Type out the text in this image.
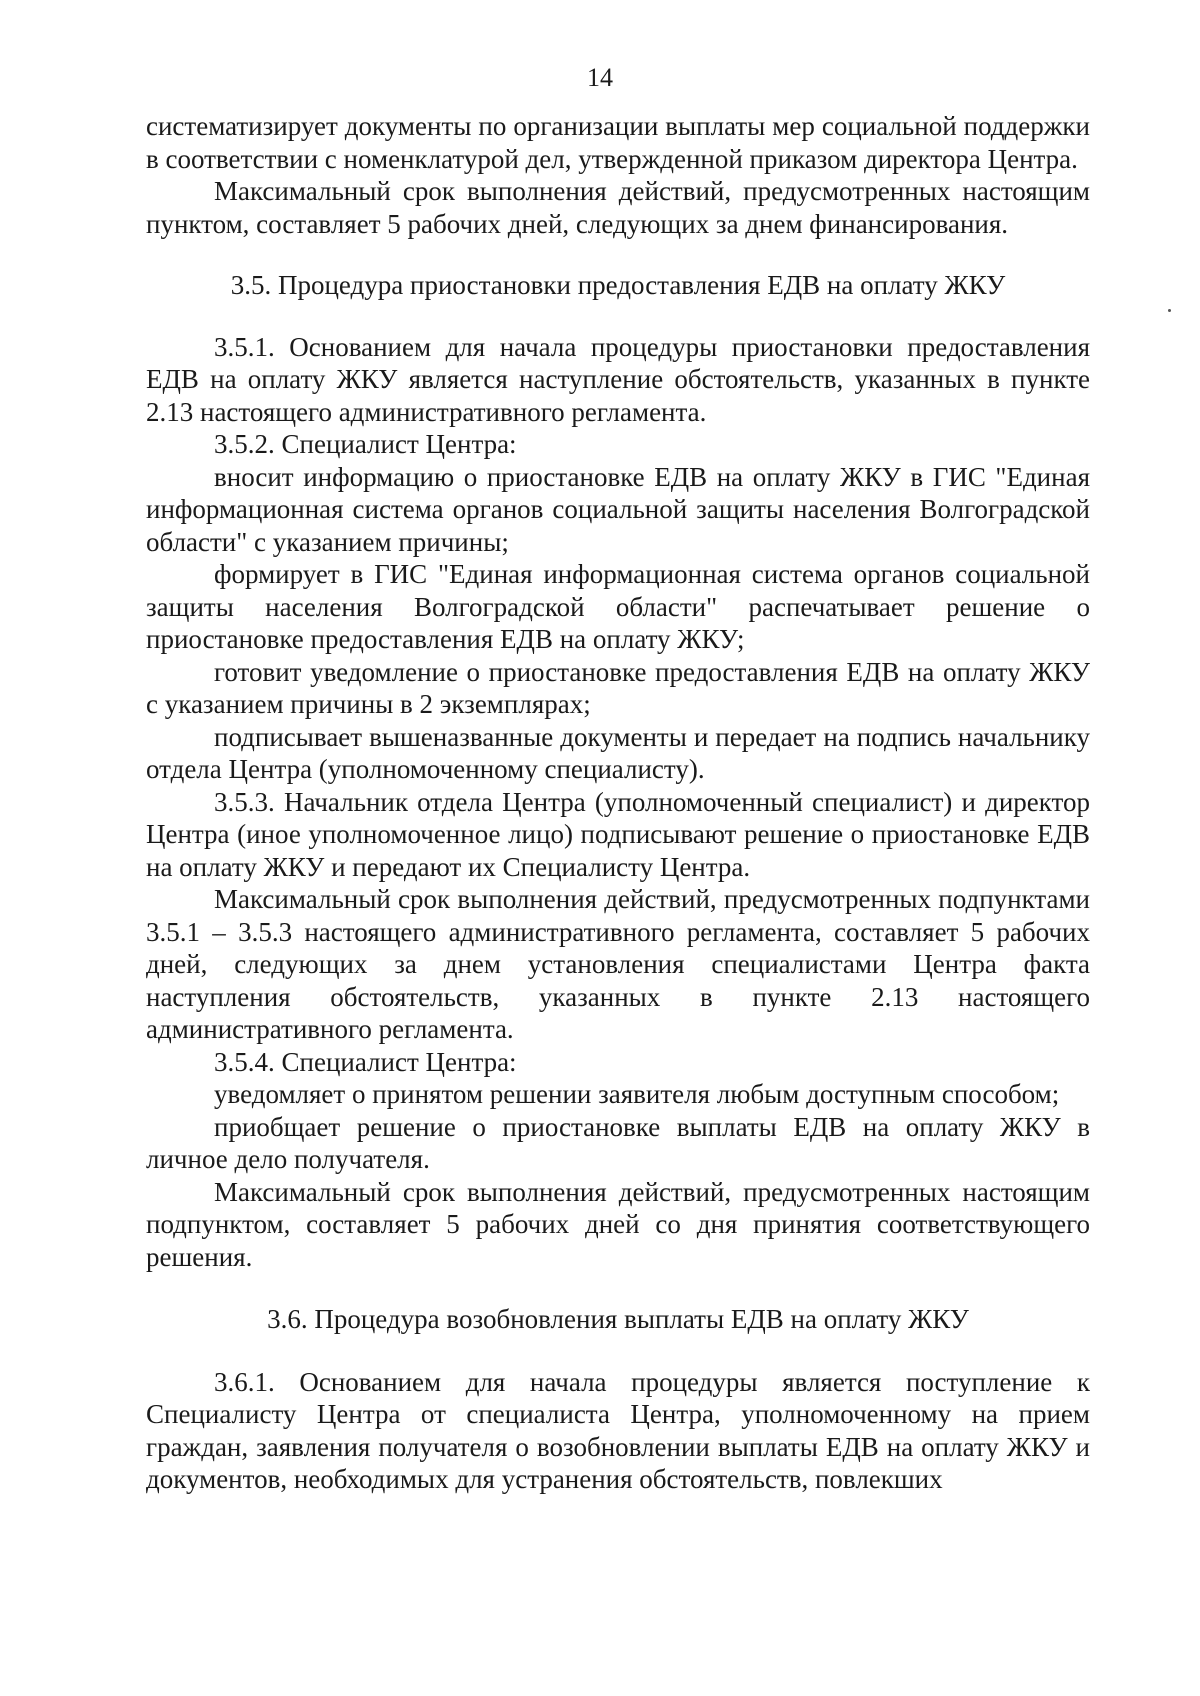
14

систематизирует документы по организации выплаты мер социальной поддержки в соответствии с номенклатурой дел, утвержденной приказом директора Центра.

Максимальный срок выполнения действий, предусмотренных настоящим пунктом, составляет 5 рабочих дней, следующих за днем финансирования.

3.5. Процедура приостановки предоставления ЕДВ на оплату ЖКУ

3.5.1. Основанием для начала процедуры приостановки предоставления ЕДВ на оплату ЖКУ является наступление обстоятельств, указанных в пункте 2.13 настоящего административного регламента.

3.5.2. Специалист Центра:

вносит информацию о приостановке ЕДВ на оплату ЖКУ в ГИС "Единая информационная система органов социальной защиты населения Волгоградской области" с указанием причины;

формирует в ГИС "Единая информационная система органов социальной защиты населения Волгоградской области" распечатывает решение о приостановке предоставления ЕДВ на оплату ЖКУ;

готовит уведомление о приостановке предоставления ЕДВ на оплату ЖКУ с указанием причины в 2 экземплярах;

подписывает вышеназванные документы и передает на подпись начальнику отдела Центра (уполномоченному специалисту).

3.5.3. Начальник отдела Центра (уполномоченный специалист) и директор Центра (иное уполномоченное лицо) подписывают решение о приостановке ЕДВ на оплату ЖКУ и передают их Специалисту Центра.

Максимальный срок выполнения действий, предусмотренных подпунктами 3.5.1 – 3.5.3 настоящего административного регламента, составляет 5 рабочих дней, следующих за днем установления специалистами Центра факта наступления обстоятельств, указанных в пункте 2.13 настоящего административного регламента.

3.5.4. Специалист Центра:

уведомляет о принятом решении заявителя любым доступным способом;

приобщает решение о приостановке выплаты ЕДВ на оплату ЖКУ в личное дело получателя.

Максимальный срок выполнения действий, предусмотренных настоящим подпунктом, составляет 5 рабочих дней со дня принятия соответствующего решения.

3.6. Процедура возобновления выплаты ЕДВ на оплату ЖКУ

3.6.1. Основанием для начала процедуры является поступление к Специалисту Центра от специалиста Центра, уполномоченному на прием граждан, заявления получателя о возобновлении выплаты ЕДВ на оплату ЖКУ и документов, необходимых для устранения обстоятельств, повлекших
